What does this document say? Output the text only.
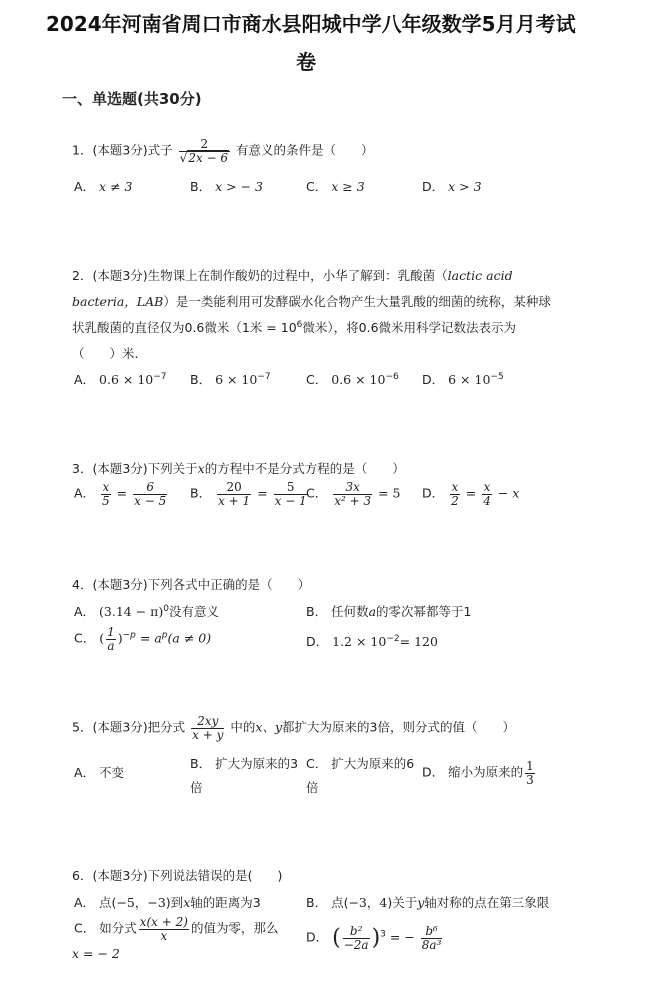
2024年河南省周口市商水县阳城中学八年级数学5月月考试
卷
一、单选题(共30分)
1．(本题3分)式子 $\frac{2}{√2x - 6}$ 有意义的条件是（　　）
A． x ≠ 3	B． x > − 3	C． x ≥ 3	D． x > 3
2．(本题3分)生物课上在制作酸奶的过程中，小华了解到：乳酸菌（lactic acid
bacteria，LAB）是一类能利用可发酵碳水化合物产生大量乳酸的细菌的统称，某种球
状乳酸菌的直径仅为0.6微米（1米 = $10^6$微米），将0.6微米用科学记数法表示为
（　　）米.
A． $0.6 \times 10^{-7}$ B． $6 \times 10^{-7}$	C． $0.6 \times 10^{-6}$ D． $6 \times 10^{-5}$
3．(本题3分)下列关于x的方程中不是分式方程的是（　　）
A． $\frac{x}{5} = \frac{6}{x - 5}$ B． $\frac{20}{x + 1} = \frac{5}{x - 1}$
C． $\frac{3x}{\text{x² + 3}} = 5$ D． $\frac{x}{2} = \frac{x}{4} - x$
4．(本题3分)下列各式中正确的是（　　）
A． $(3.14 - \pi)^0$没有意义	B． 任何数a的零次幂都等于1
C． ( $\frac{1}{a} )^{-p} = a^p(a \ne 0)$	D． $1.2 \times 10^{-2}= 120$
5．(本题3分)把分式 $\frac{2xy}{x + y}$ 中的x、y都扩大为原来的3倍，则分式的值（　　）
A． 不变
B． 扩大为原来的3
倍
C． 扩大为原来的6
倍
D． 缩小为原来的 $\frac{1}{3}$
6．(本题3分)下列说法错误的是(　　)
A． 点(−5，−3)到x轴的距离为3	B． 点(−3，4)关于y轴对称的点在第三象限
C． 如分式 $\frac{x(x + 2)}{x}$ 的值为零，那么
x = − 2
D． ( $\frac{\text{b²}}{-2a} )^3$ = − $\frac{\text{b⁶}}{\text{8a³}}$
